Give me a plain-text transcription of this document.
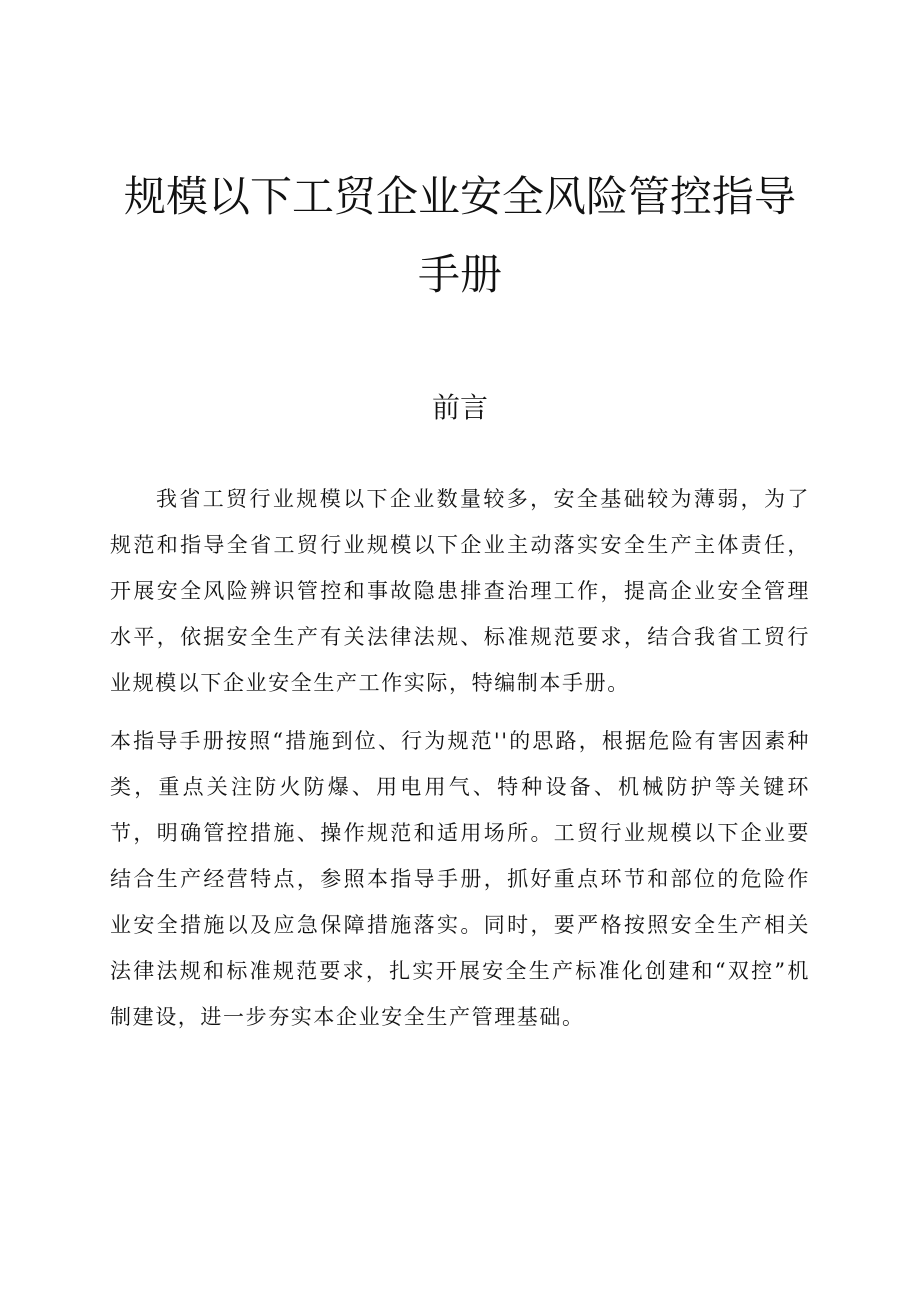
规模以下工贸企业安全风险管控指导手册
前言

我省工贸行业规模以下企业数量较多，安全基础较为薄弱，为了规范和指导全省工贸行业规模以下企业主动落实安全生产主体责任，开展安全风险辨识管控和事故隐患排查治理工作，提高企业安全管理水平，依据安全生产有关法律法规、标准规范要求，结合我省工贸行业规模以下企业安全生产工作实际，特编制本手册。

本指导手册按照“措施到位、行为规范''的思路，根据危险有害因素种类，重点关注防火防爆、用电用气、特种设备、机械防护等关键环节，明确管控措施、操作规范和适用场所。工贸行业规模以下企业要结合生产经营特点，参照本指导手册，抓好重点环节和部位的危险作业安全措施以及应急保障措施落实。同时，要严格按照安全生产相关法律法规和标准规范要求，扎实开展安全生产标准化创建和“双控”机制建设，进一步夯实本企业安全生产管理基础。
